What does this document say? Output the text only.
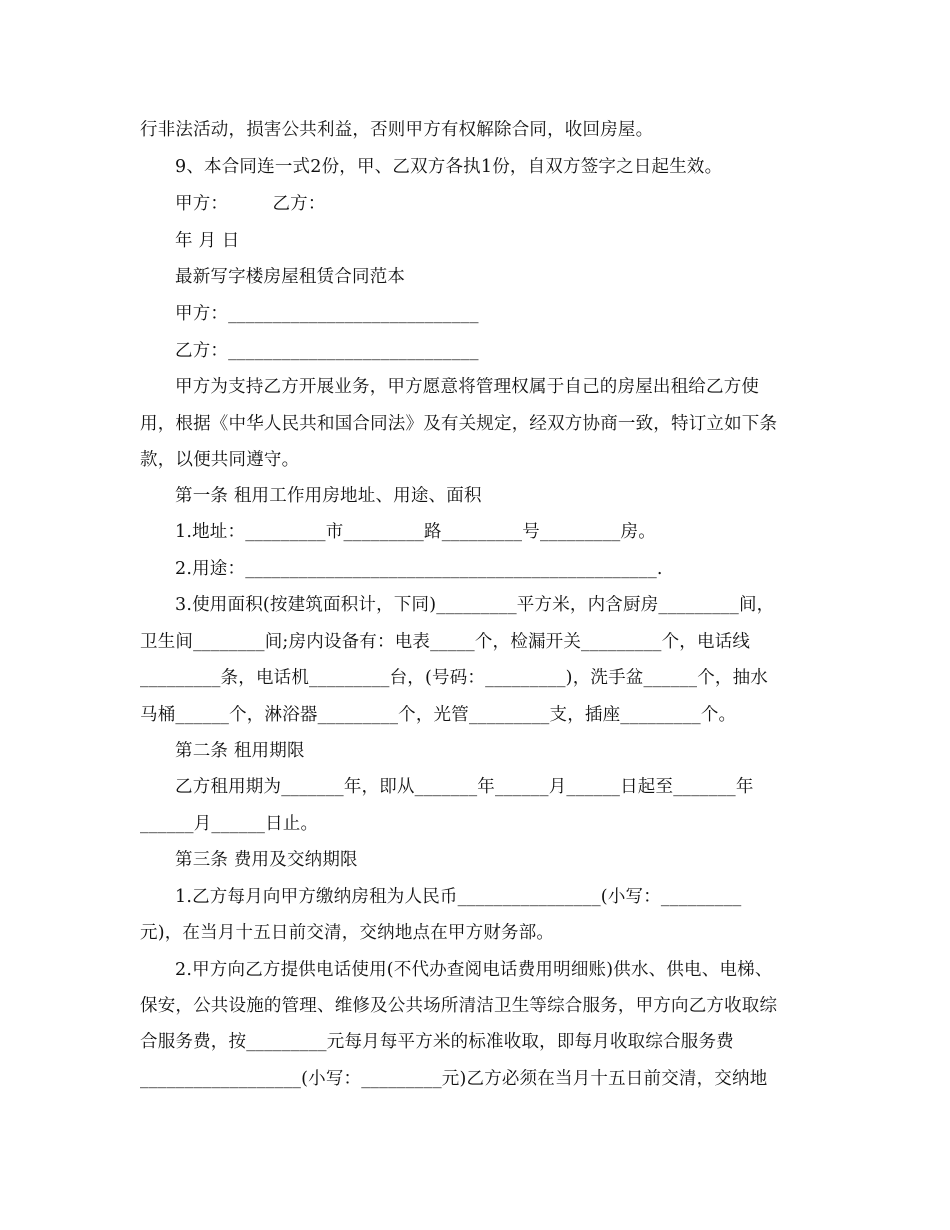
行非法活动，损害公共利益，否则甲方有权解除合同，收回房屋。
9、本合同连一式2份，甲、乙双方各执1份，自双方签字之日起生效。
甲方：　　　乙方：
年 月 日
最新写字楼房屋租赁合同范本
甲方：____________________________
乙方：____________________________
甲方为支持乙方开展业务，甲方愿意将管理权属于自己的房屋出租给乙方使
用，根据《中华人民共和国合同法》及有关规定，经双方协商一致，特订立如下条
款，以便共同遵守。
第一条 租用工作用房地址、用途、面积
1.地址：_________市_________路_________号_________房。
2.用途：______________________________________________.
3.使用面积(按建筑面积计，下同)_________平方米，内含厨房_________间，
卫生间________间;房内设备有：电表_____个，检漏开关_________个，电话线
_________条，电话机_________台，(号码：_________)，洗手盆______个，抽水
马桶______个，淋浴器_________个，光管_________支，插座_________个。
第二条 租用期限
乙方租用期为_______年，即从_______年______月______日起至_______年
______月______日止。
第三条 费用及交纳期限
1.乙方每月向甲方缴纳房租为人民币________________(小写：_________
元)，在当月十五日前交清，交纳地点在甲方财务部。
2.甲方向乙方提供电话使用(不代办查阅电话费用明细账)供水、供电、电梯、
保安，公共设施的管理、维修及公共场所清洁卫生等综合服务，甲方向乙方收取综
合服务费，按_________元每月每平方米的标准收取，即每月收取综合服务费
__________________(小写：_________元)乙方必须在当月十五日前交清，交纳地
